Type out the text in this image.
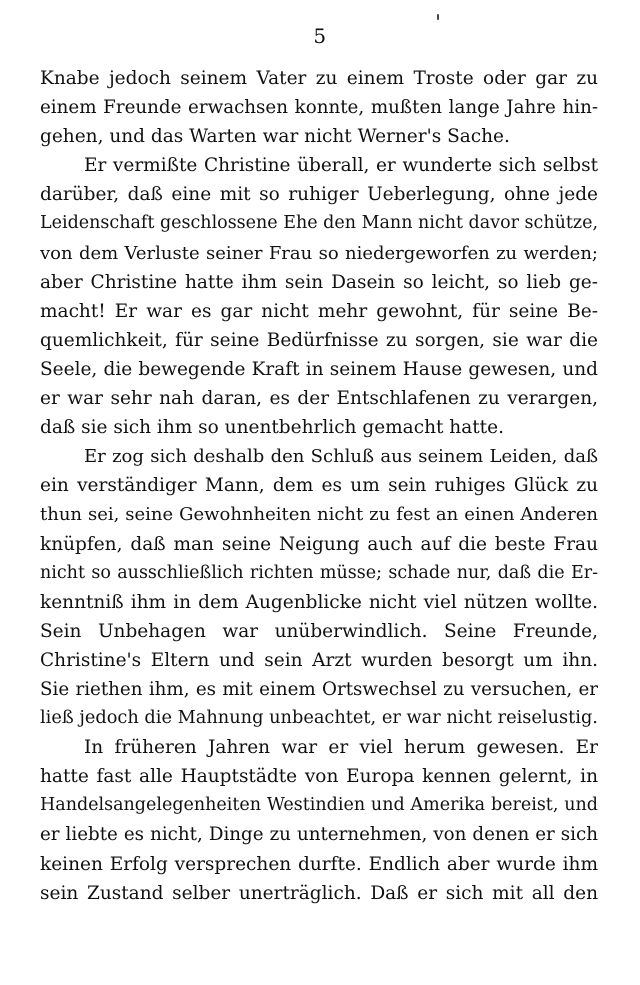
5
Knabe jedoch seinem Vater zu einem Troste oder gar zu
einem Freunde erwachsen konnte, mußten lange Jahre hin-
gehen, und das Warten war nicht Werner's Sache.
Er vermißte Christine überall, er wunderte sich selbst
darüber, daß eine mit so ruhiger Ueberlegung, ohne jede
Leidenschaft geschlossene Ehe den Mann nicht davor schütze,
von dem Verluste seiner Frau so niedergeworfen zu werden;
aber Christine hatte ihm sein Dasein so leicht, so lieb ge-
macht! Er war es gar nicht mehr gewohnt, für seine Be-
quemlichkeit, für seine Bedürfnisse zu sorgen, sie war die
Seele, die bewegende Kraft in seinem Hause gewesen, und
er war sehr nah daran, es der Entschlafenen zu verargen,
daß sie sich ihm so unentbehrlich gemacht hatte.
Er zog sich deshalb den Schluß aus seinem Leiden, daß
ein verständiger Mann, dem es um sein ruhiges Glück zu
thun sei, seine Gewohnheiten nicht zu fest an einen Anderen
knüpfen, daß man seine Neigung auch auf die beste Frau
nicht so ausschließlich richten müsse; schade nur, daß die Er-
kenntniß ihm in dem Augenblicke nicht viel nützen wollte.
Sein Unbehagen war unüberwindlich. Seine Freunde,
Christine's Eltern und sein Arzt wurden besorgt um ihn.
Sie riethen ihm, es mit einem Ortswechsel zu versuchen, er
ließ jedoch die Mahnung unbeachtet, er war nicht reiselustig.
In früheren Jahren war er viel herum gewesen. Er
hatte fast alle Hauptstädte von Europa kennen gelernt, in
Handelsangelegenheiten Westindien und Amerika bereist, und
er liebte es nicht, Dinge zu unternehmen, von denen er sich
keinen Erfolg versprechen durfte. Endlich aber wurde ihm
sein Zustand selber unerträglich. Daß er sich mit all den
